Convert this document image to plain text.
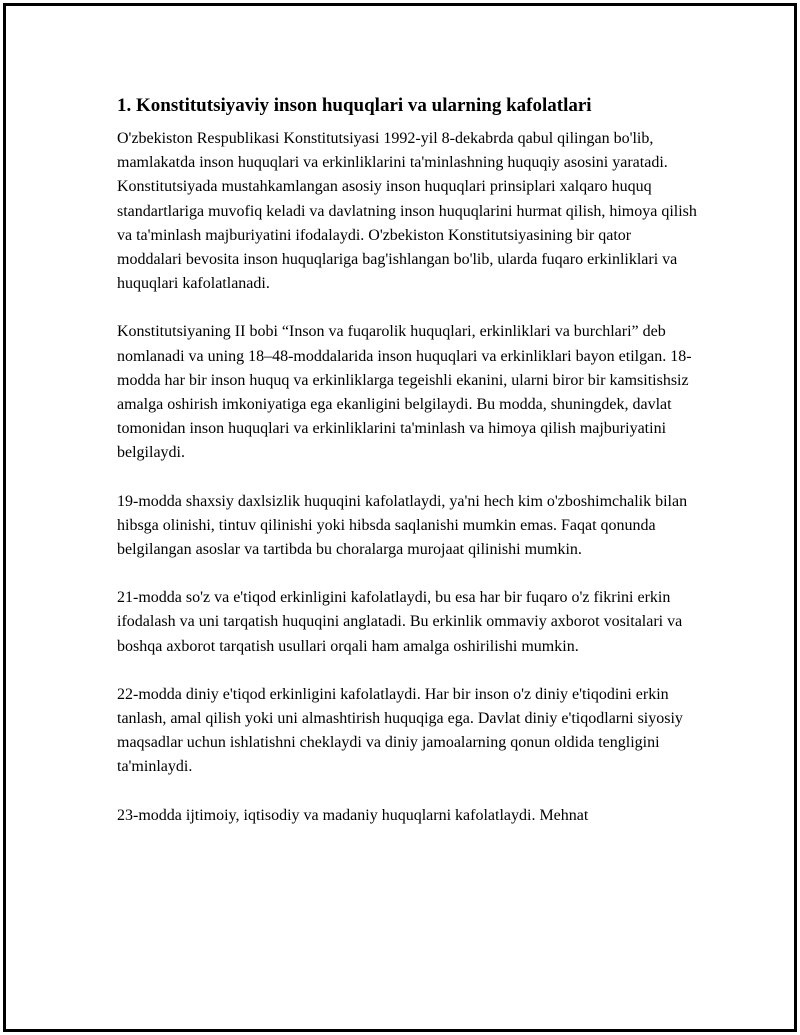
1. Konstitutsiyaviy inson huquqlari va ularning kafolatlari

O'zbekiston Respublikasi Konstitutsiyasi 1992-yil 8-dekabrda qabul qilingan bo'lib, mamlakatda inson huquqlari va erkinliklarini ta'minlashning huquqiy asosini yaratadi. Konstitutsiyada mustahkamlangan asosiy inson huquqlari prinsiplari xalqaro huquq standartlariga muvofiq keladi va davlatning inson huquqlarini hurmat qilish, himoya qilish va ta'minlash majburiyatini ifodalaydi. O'zbekiston Konstitutsiyasining bir qator moddalari bevosita inson huquqlariga bag'ishlangan bo'lib, ularda fuqaro erkinliklari va huquqlari kafolatlanadi.

Konstitutsiyaning II bobi “Inson va fuqarolik huquqlari, erkinliklari va burchlari” deb nomlanadi va uning 18–48-moddalarida inson huquqlari va erkinliklari bayon etilgan. 18-modda har bir inson huquq va erkinliklarga tegeishli ekanini, ularni biror bir kamsitishsiz amalga oshirish imkoniyatiga ega ekanligini belgilaydi. Bu modda, shuningdek, davlat tomonidan inson huquqlari va erkinliklarini ta'minlash va himoya qilish majburiyatini belgilaydi.

19-modda shaxsiy daxlsizlik huquqini kafolatlaydi, ya'ni hech kim o'zboshimchalik bilan hibsga olinishi, tintuv qilinishi yoki hibsda saqlanishi mumkin emas. Faqat qonunda belgilangan asoslar va tartibda bu choralarga murojaat qilinishi mumkin.

21-modda so'z va e'tiqod erkinligini kafolatlaydi, bu esa har bir fuqaro o'z fikrini erkin ifodalash va uni tarqatish huquqini anglatadi. Bu erkinlik ommaviy axborot vositalari va boshqa axborot tarqatish usullari orqali ham amalga oshirilishi mumkin.

22-modda diniy e'tiqod erkinligini kafolatlaydi. Har bir inson o'z diniy e'tiqodini erkin tanlash, amal qilish yoki uni almashtirish huquqiga ega. Davlat diniy e'tiqodlarni siyosiy maqsadlar uchun ishlatishni cheklaydi va diniy jamoalarning qonun oldida tengligini ta'minlaydi.

23-modda ijtimoiy, iqtisodiy va madaniy huquqlarni kafolatlaydi. Mehnat
